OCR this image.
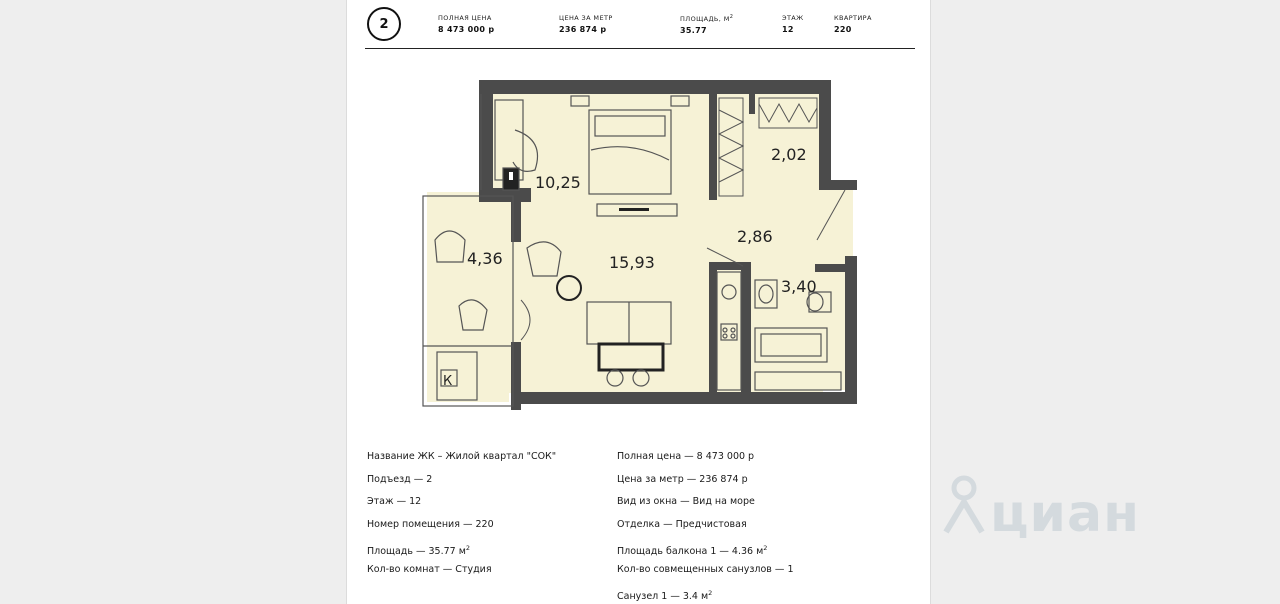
2	ПОЛНАЯ ЦЕНА
8 473 000 р
ЦЕНА ЗА МЕТР
236 874 р
ПЛОЩАДЬ, $М^2$
35.77
ЭТАЖ
12
КВАРТИРА
220
10,25
15,93
2,02
2,86
3,40
4,36
К
Название ЖК – Жилой квартал "СОК"
Подъезд — 2
Этаж — 12
Номер помещения — 220
Площадь — 35.77 $м^2$
Кол-во комнат — Студия
Полная цена — 8 473 000 р
Цена за метр — 236 874 р
Вид из окна — Вид на море
Отделка — Предчистовая
Площадь балкона 1 — 4.36 $м^2$
Кол-во совмещенных санузлов — 1
Санузел 1 — 3.4 $м^2$
циан
